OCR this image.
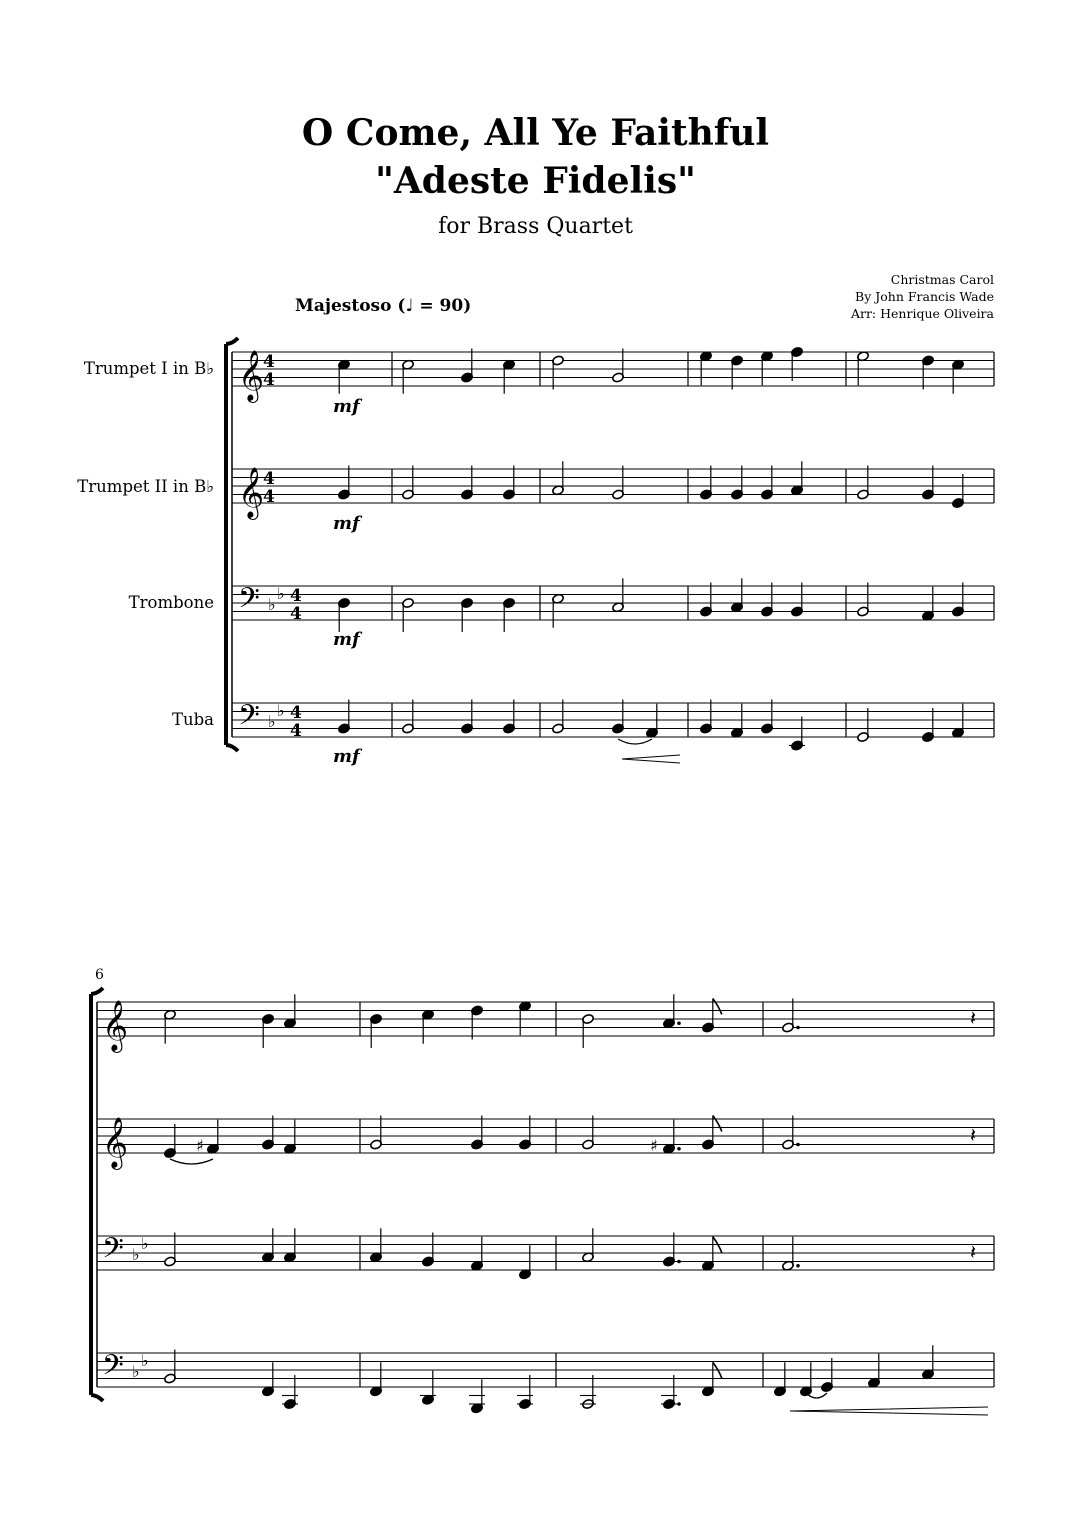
O Come, All Ye Faithful
"Adeste Fidelis"
for Brass Quartet
Christmas Carol
By John Francis Wade
Arr: Henrique Oliveira
Majestoso (♩ = 90)
Trumpet I in B♭
Trumpet II in B♭
Trombone
Tuba
6
𝄞
𝄞
𝄢
𝄢
♭
♭
♭
♭
4
4
4
4
4
4
4
4
mf
mf
mf
mf
𝄞
𝄞
𝄢
𝄢
♭
♭
♭
♭
𝄽
♯	♯	𝄽
𝄽
